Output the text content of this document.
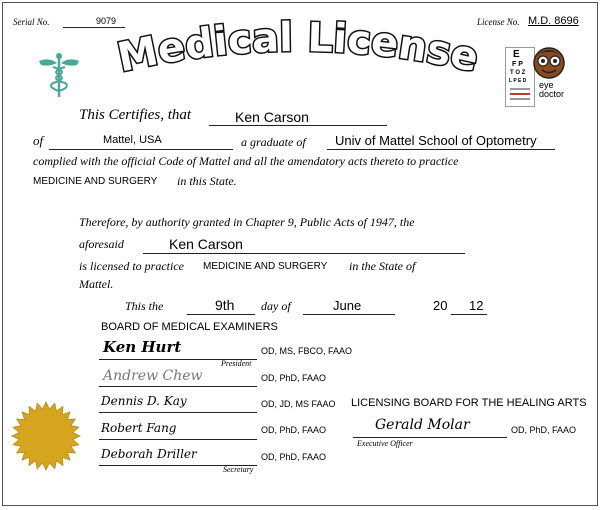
Serial No.	9079	License No. M.D. 8696
Medical License	E
F P
T O Z
L P E D eye
doctor
This Certifies, that	Ken Carson
of	Mattel, USA	a graduate of Univ of Mattel School of Optometry
complied with the official Code of Mattel and all the amendatory acts thereto to practice
MEDICINE AND SURGERY in this State.
Therefore, by authority granted in Chapter 9, Public Acts of 1947, the
aforesaid	Ken Carson
is licensed to practice MEDICINE AND SURGERY in the State of
Mattel.
This the	9th day of	June	20 12
BOARD OF MEDICAL EXAMINERS
Ken Hurt	OD, MS, FBCO, FAAO
President
Andrew Chew	OD, PhD, FAAO
Dennis D. Kay	OD, JD, MS FAAO
Robert Fang	OD, PhD, FAAO
Deborah Driller	OD, PhD, FAAO
Secretary
LICENSING BOARD FOR THE HEALING ARTS
Gerald Molar	OD, PhD, FAAO
Executive Officer
